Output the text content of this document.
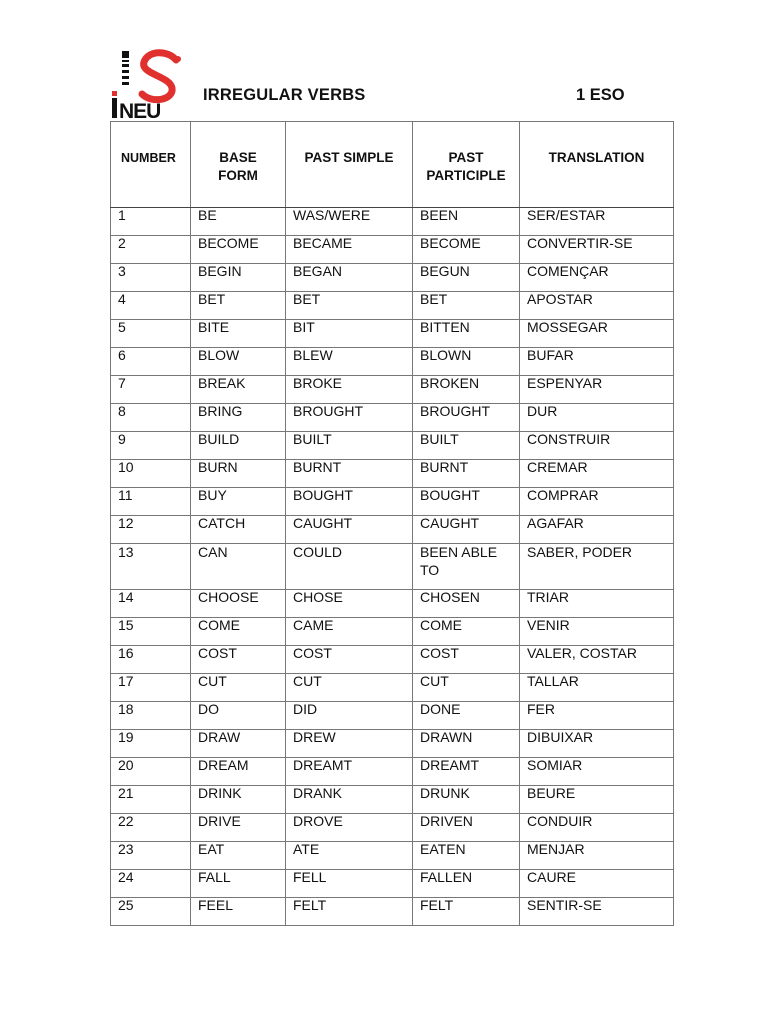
NEU
IRREGULAR VERBS	1 ESO
NUMBER	BASE FORM	PAST SIMPLE	PAST PARTICIPLE	TRANSLATION

1	BE	WAS/WERE	BEEN	SER/ESTAR

2	BECOME	BECAME	BECOME	CONVERTIR-SE

3	BEGIN	BEGAN	BEGUN	COMENÇAR

4	BET	BET	BET	APOSTAR

5	BITE	BIT	BITTEN	MOSSEGAR

6	BLOW	BLEW	BLOWN	BUFAR

7	BREAK	BROKE	BROKEN	ESPENYAR

8	BRING	BROUGHT	BROUGHT	DUR

9	BUILD	BUILT	BUILT	CONSTRUIR

10	BURN	BURNT	BURNT	CREMAR

11	BUY	BOUGHT	BOUGHT	COMPRAR

12	CATCH	CAUGHT	CAUGHT	AGAFAR

13	CAN	COULD	BEEN ABLE TO	SABER, PODER

14	CHOOSE	CHOSE	CHOSEN	TRIAR

15	COME	CAME	COME	VENIR

16	COST	COST	COST	VALER, COSTAR

17	CUT	CUT	CUT	TALLAR

18	DO	DID	DONE	FER

19	DRAW	DREW	DRAWN	DIBUIXAR

20	DREAM	DREAMT	DREAMT	SOMIAR

21	DRINK	DRANK	DRUNK	BEURE

22	DRIVE	DROVE	DRIVEN	CONDUIR

23	EAT	ATE	EATEN	MENJAR

24	FALL	FELL	FALLEN	CAURE

25	FEEL	FELT	FELT	SENTIR-SE
